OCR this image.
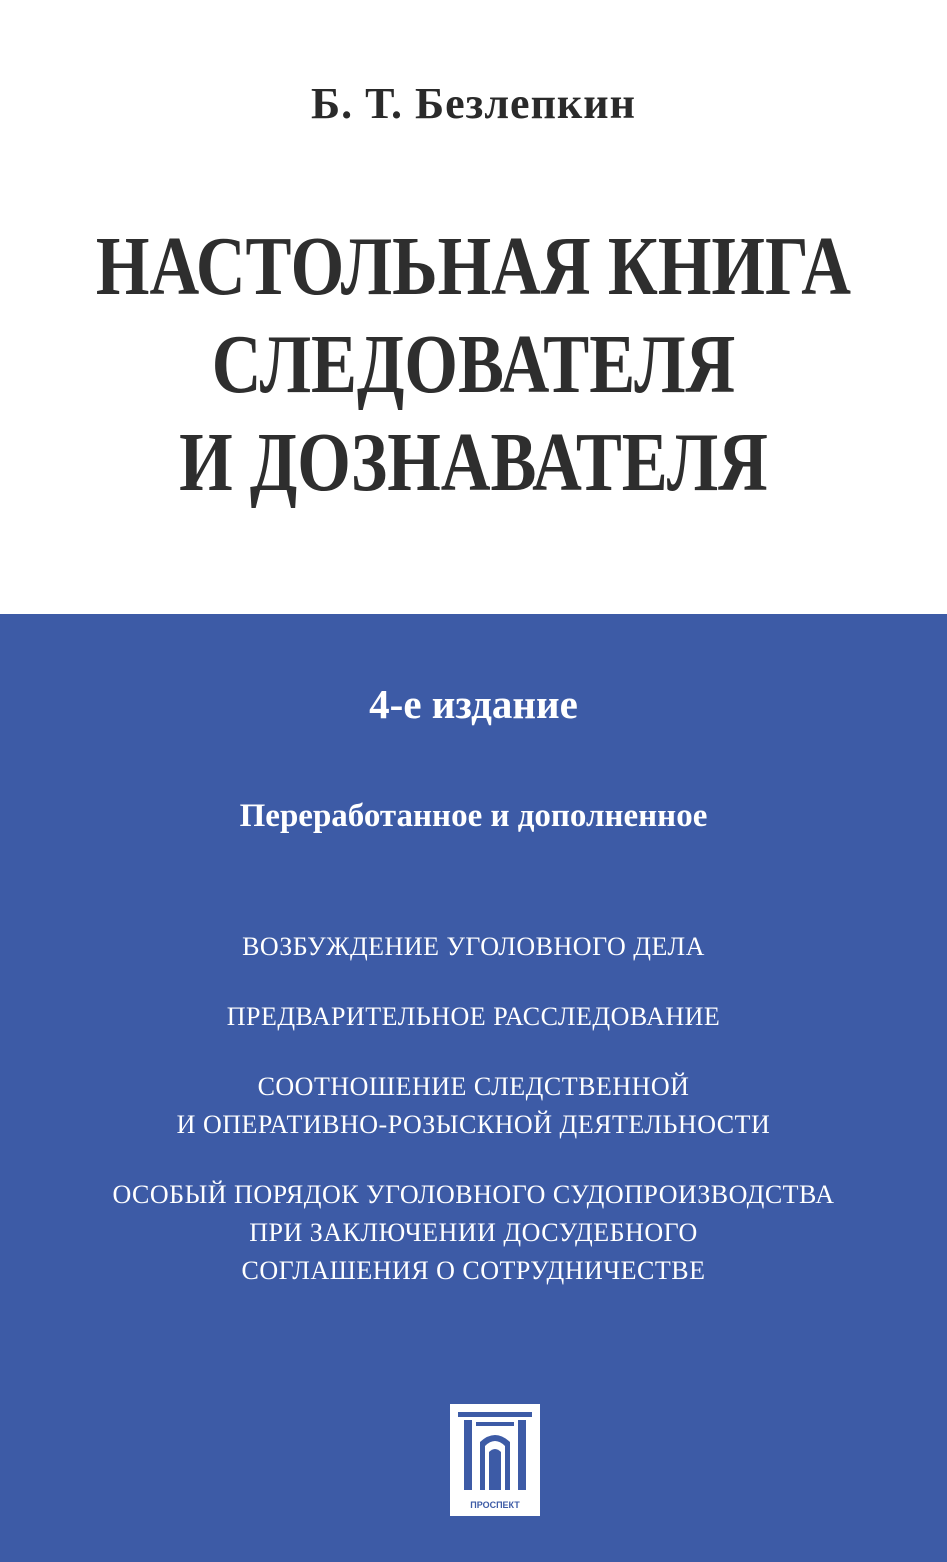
Б. Т. Безлепкин
НАСТОЛЬНАЯ КНИГА
СЛЕДОВАТЕЛЯ
И ДОЗНАВАТЕЛЯ
4-е издание
Переработанное и дополненное
ВОЗБУЖДЕНИЕ УГОЛОВНОГО ДЕЛА
ПРЕДВАРИТЕЛЬНОЕ РАССЛЕДОВАНИЕ
СООТНОШЕНИЕ СЛЕДСТВЕННОЙ
И ОПЕРАТИВНО-РОЗЫСКНОЙ ДЕЯТЕЛЬНОСТИ
ОСОБЫЙ ПОРЯДОК УГОЛОВНОГО СУДОПРОИЗВОДСТВА
ПРИ ЗАКЛЮЧЕНИИ ДОСУДЕБНОГО
СОГЛАШЕНИЯ О СОТРУДНИЧЕСТВЕ
ПРОСПЕКТ
